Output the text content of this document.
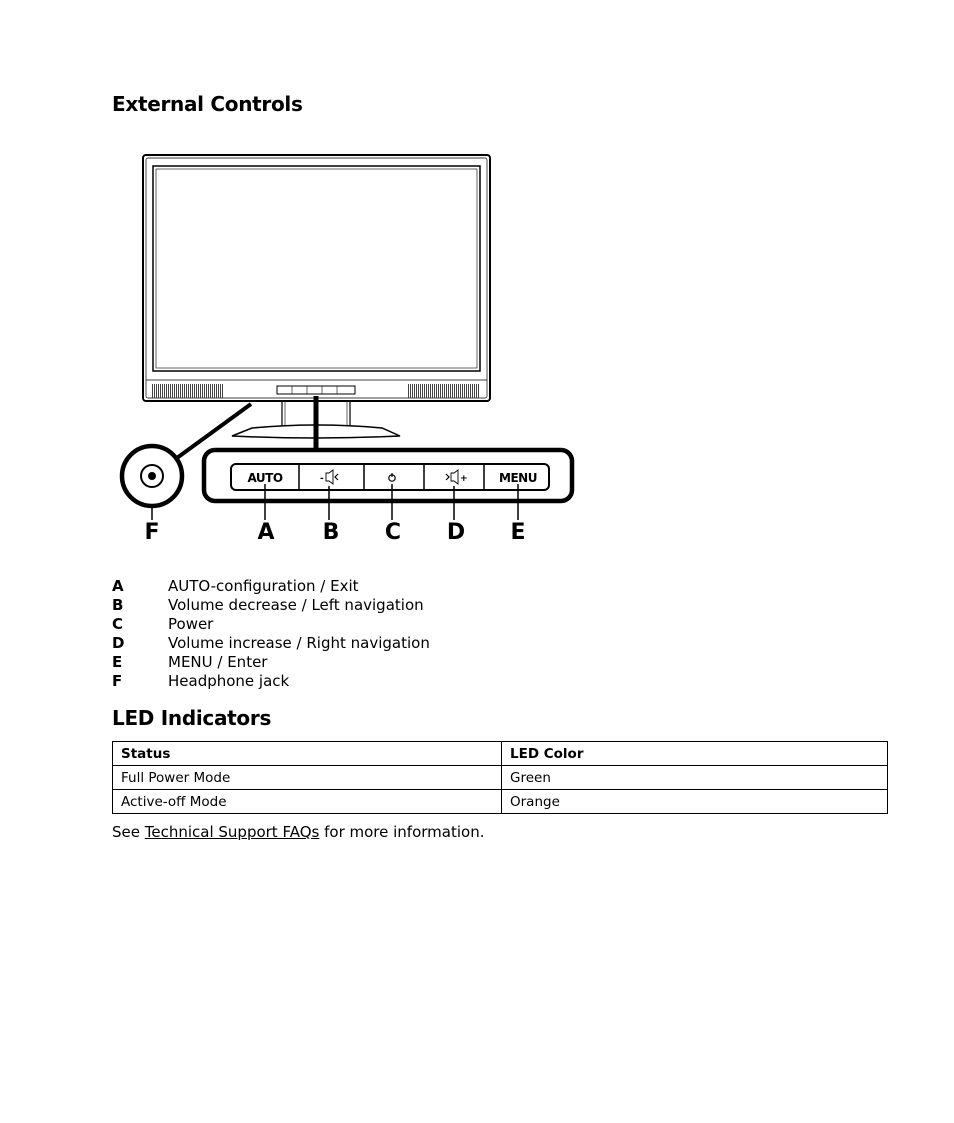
External Controls
AUTO	-	+	MENU
F	A B C D E
A	AUTO-configuration / Exit
B	Volume decrease / Left navigation
C	Power
D	Volume increase / Right navigation
E	MENU / Enter
F	Headphone jack
LED Indicators
Status	LED Color
Full Power Mode	Green
Active-off Mode	Orange
See Technical Support FAQs for more information.
